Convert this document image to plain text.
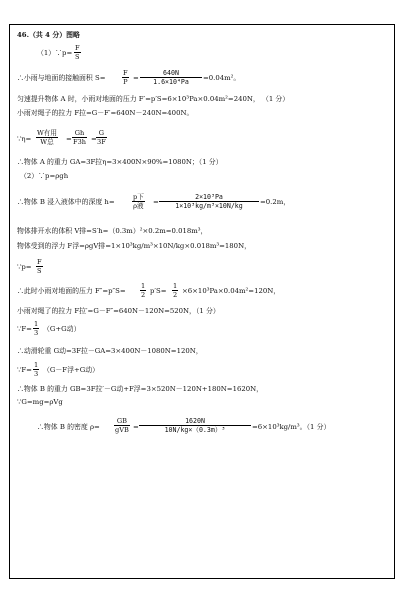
46.（共 4 分）图略
（1）∵p= $\frac{F}{S}$
∴小雨与地面的接触面积 S=	$\frac{F}{P} = \frac{640N}{\text{1.6×10⁴Pa}} =0.04m^2$。
匀速提升物体 A 时，小雨对地面的压力 F′=p′S=6×10³Pa×0.04m²=240N， （1 分）
小雨对绳子的拉力 F拉=G－F′=640N－240N=400N。
∵η=
W有用
W总	= $\frac{Gh}{F3h} = \frac{G}{3F}$
∴物体 A 的重力 GA=3F拉η=3×400N×90%=1080N；（1 分）
（2）∵p=ρgh
∴物体 B 浸入液体中的深度 h=
p下
ρ液 = $\frac{\text{2×10³Pa}}{\text{1×10³kg/m³×10N/kg}} =0.2m$，
物体排开水的体积 V排=S′h=（0.3m）²×0.2m=0.018m³，
物体受到的浮力 F浮=ρgV排=1×10³kg/m³×10N/kg×0.018m³=180N，
∵p= $\frac{F}{S}$
∴此时小雨对地面的压力 $F''=p''S= \frac{1}{2} p'S= \frac{1}{2} \times 6\times 10^3Pa\times 0.04m^2=120N$，
小雨对绳了的拉力 F拉′=G－F″=640N－120N=520N，（1 分）
∵F= $\frac{1}{3} (G+G$动）
∴动滑轮重 G动=3F拉－GA=3×400N－1080N=120N，
∵F= $\frac{1}{3} (G-F$浮+G动）
∴物体 B 的重力 GB=3F拉′－G动+F浮=3×520N－120N+180N=1620N，
∵G=mg=ρVg
∴物体 B 的密度 ρ=
GB
gVB = $\frac{1620N}{\text{10N/kg×（0.3m）³}} =6\times 10^3kg/m^3$。（1 分）
